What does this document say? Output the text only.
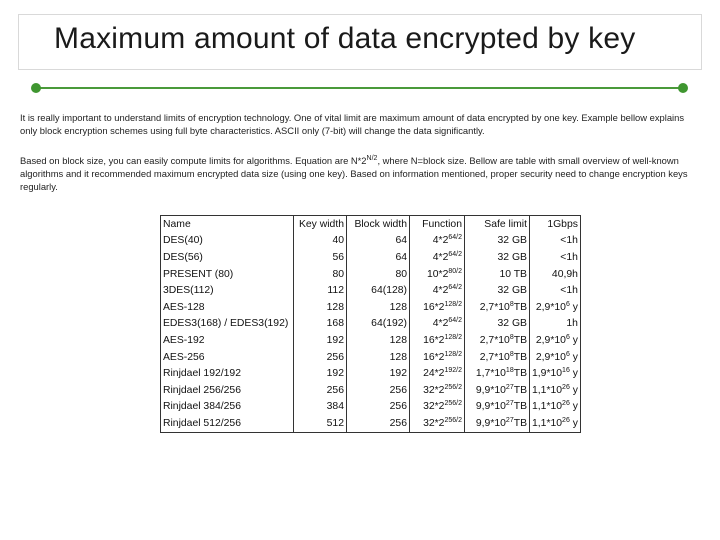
Maximum amount of data encrypted by key
It is really important to understand limits of encryption technology. One of vital limit are maximum amount of data encrypted by one key. Example bellow explains only block encryption schemes using full byte characteristics. ASCII only (7-bit) will change the data significantly.
Based on block size, you can easily compute limits for algorithms. Equation are $N*2^{N/2}$, where N=block size. Bellow are table with small overview of well-known algorithms and it recommended maximum encrypted data size (using one key). Based on information mentioned, proper security need to change encryption keys regularly.
Name	Key width	Block width	Function	Safe limit	1Gbps
DES(40)	40	64	$4*2^{64/2}$	32 GB	<1h
DES(56)	56	64	$4*2^{64/2}$	32 GB	<1h
PRESENT (80)	80	80	$10*2^{80/2}$	10 TB	40,9h
3DES(112)	112	64(128)	$4*2^{64/2}$	32 GB	<1h
AES-128	128	128	$16*2^{128/2}$	$2,7*10^8TB$	$2,9*10^6$ y
EDES3(168) / EDES3(192)	168	64(192)	$4*2^{64/2}$	32 GB	1h
AES-192	192	128	$16*2^{128/2}$	$2,7*10^8TB$	$2,9*10^6$ y
AES-256	256	128	$16*2^{128/2}$	$2,7*10^8TB$	$2,9*10^6$ y
Rinjdael 192/192	192	192	$24*2^{192/2}$	$1,7*10^{18}TB$	$1,9*10^{16}$ y
Rinjdael 256/256	256	256	$32*2^{256/2}$	$9,9*10^{27}TB$	$1,1*10^{26}$ y
Rinjdael 384/256	384	256	$32*2^{256/2}$	$9,9*10^{27}TB$	$1,1*10^{26}$ y
Rinjdael 512/256	512	256	$32*2^{256/2}$	$9,9*10^{27}TB$	$1,1*10^{26}$ y
